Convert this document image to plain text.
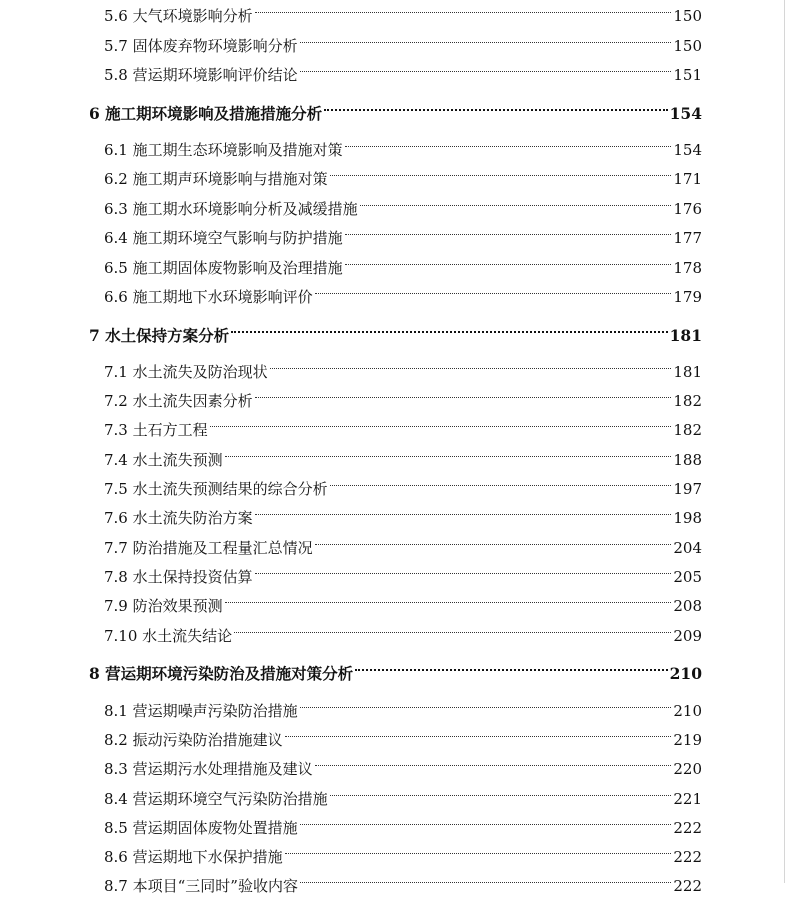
5.6 大气环境影响分析	150
5.7 固体废弃物环境影响分析	150
5.8 营运期环境影响评价结论	151
6 施工期环境影响及措施措施分析	154
6.1 施工期生态环境影响及措施对策	154
6.2 施工期声环境影响与措施对策	171
6.3 施工期水环境影响分析及减缓措施	176
6.4 施工期环境空气影响与防护措施	177
6.5 施工期固体废物影响及治理措施	178
6.6 施工期地下水环境影响评价	179
7 水土保持方案分析	181
7.1 水土流失及防治现状	181
7.2 水土流失因素分析	182
7.3 土石方工程	182
7.4 水土流失预测	188
7.5 水土流失预测结果的综合分析	197
7.6 水土流失防治方案	198
7.7 防治措施及工程量汇总情况	204
7.8 水土保持投资估算	205
7.9 防治效果预测	208
7.10 水土流失结论	209
8 营运期环境污染防治及措施对策分析	210
8.1 营运期噪声污染防治措施	210
8.2 振动污染防治措施建议	219
8.3 营运期污水处理措施及建议	220
8.4 营运期环境空气污染防治措施	221
8.5 营运期固体废物处置措施	222
8.6 营运期地下水保护措施	222
8.7 本项目“三同时”验收内容	222
